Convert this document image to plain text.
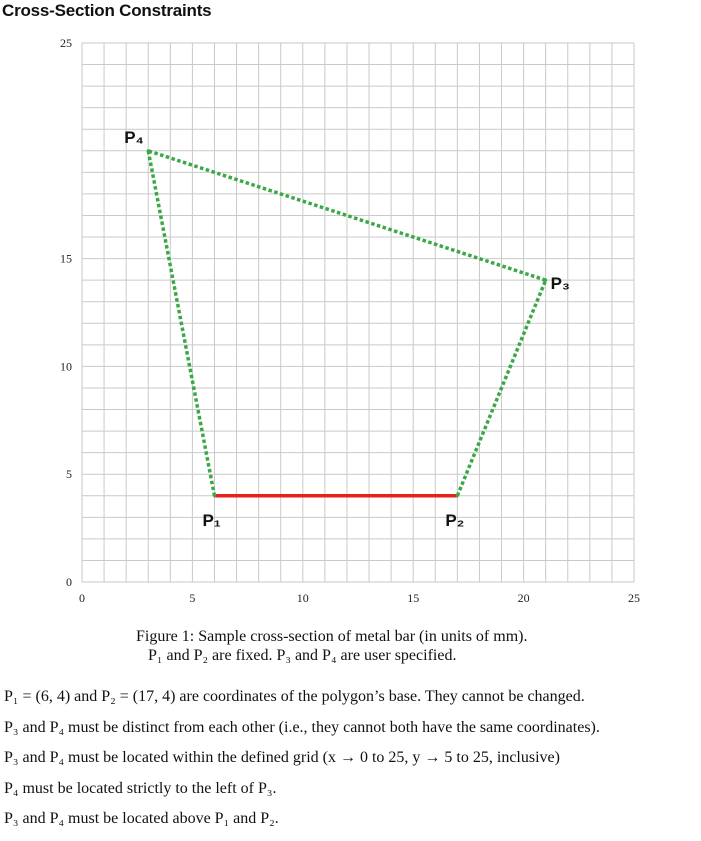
Cross-Section Constraints
0	5	10	15	20	25
0
5
10
15
25
P₁	P₂
P₃
P₄
Figure 1: Sample cross-section of metal bar (in units of mm).
P₁ and P₂ are fixed. P₃ and P₄ are user specified.
P₁ = (6, 4) and P₂ = (17, 4) are coordinates of the polygon’s base. They cannot be changed.
P₃ and P₄ must be distinct from each other (i.e., they cannot both have the same coordinates).
P₃ and P₄ must be located within the defined grid (x → 0 to 25, y → 5 to 25, inclusive)
P₄ must be located strictly to the left of P₃.
P₃ and P₄ must be located above P₁ and P₂.
